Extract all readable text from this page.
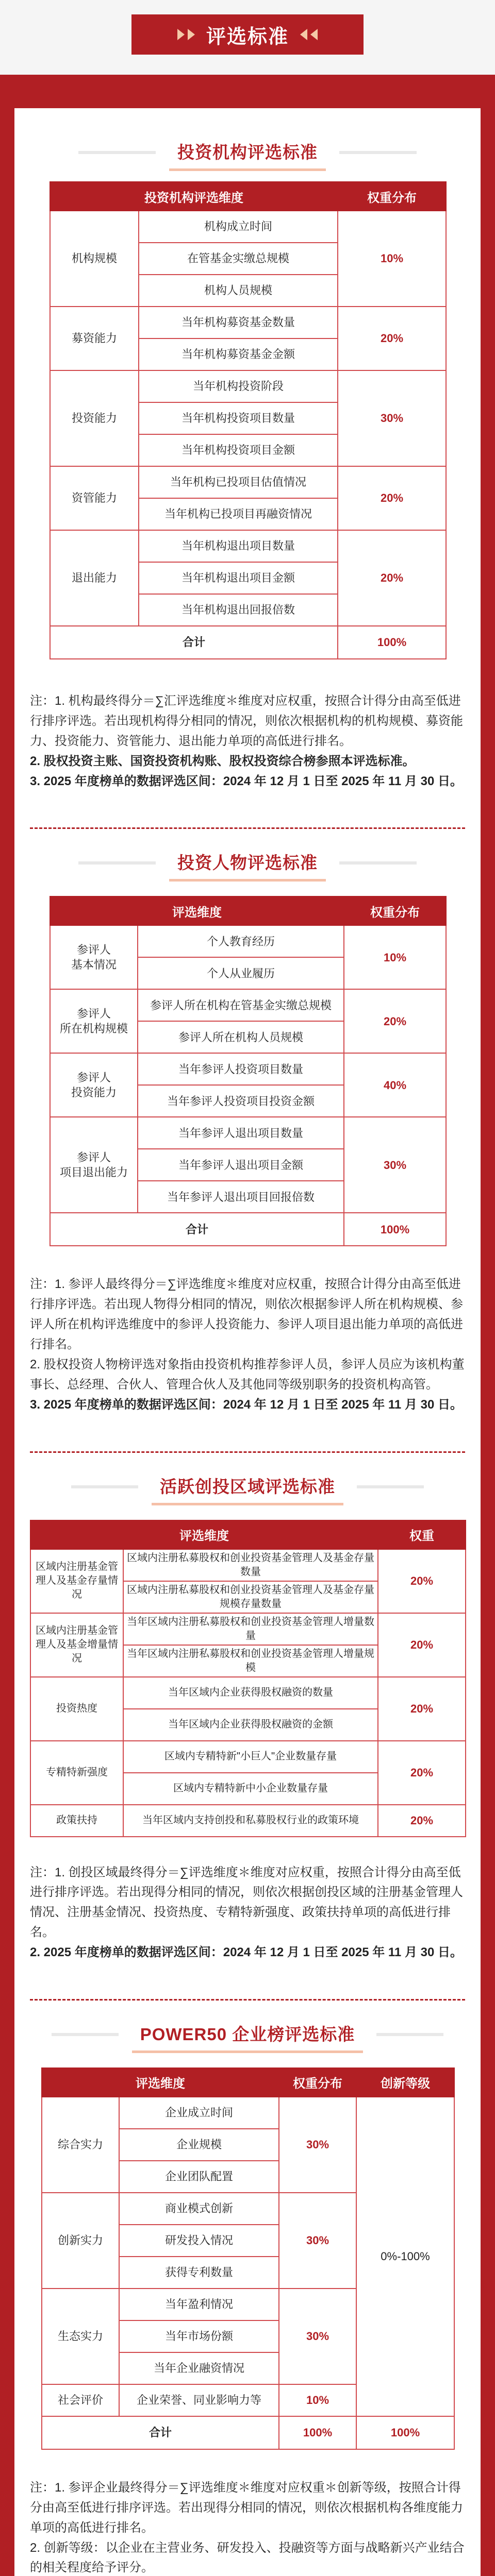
评选标准
投资机构评选标准
投资机构评选维度		权重分布
机构规模	机构成立时间	10%
	在管基金实缴总规模	
	机构人员规模	
募资能力	当年机构募资基金数量	20%
	当年机构募资基金金额	
投资能力	当年机构投资阶段	30%
	当年机构投资项目数量	
	当年机构投资项目金额	
资管能力	当年机构已投项目估值情况	20%
	当年机构已投项目再融资情况	
退出能力	当年机构退出项目数量	20%
	当年机构退出项目金额	
	当年机构退出回报倍数	
合计		100%

注：1. 机构最终得分＝∑汇评选维度＊维度对应权重，按照合计得分由高至低进行排序评选。若出现机构得分相同的情况，则依次根据机构的机构规模、募资能力、投资能力、资管能力、退出能力单项的高低进行排名。

2. 股权投资主账、国资投资机构账、股权投资综合榜参照本评选标准。

3. 2025 年度榜单的数据评选区间：2024 年 12 月 1 日至 2025 年 11 月 30 日。

投资人物评选标准
评选维度		权重分布
参评人
基本情况	个人教育经历	10%
	个人从业履历	
参评人
所在机构规模	参评人所在机构在管基金实缴总规模	20%
	参评人所在机构人员规模	
参评人
投资能力	当年参评人投资项目数量	40%
	当年参评人投资项目投资金额	
参评人
项目退出能力	当年参评人退出项目数量	30%
	当年参评人退出项目金额	
	当年参评人退出项目回报倍数	
合计		100%

注：1. 参评人最终得分＝∑评选维度＊维度对应权重，按照合计得分由高至低进行排序评选。若出现人物得分相同的情况，则依次根据参评人所在机构规模、参评人所在机构评选维度中的参评人投资能力、参评人项目退出能力单项的高低进行排名。

2. 股权投资人物榜评选对象指由投资机构推荐参评人员，参评人员应为该机构董事长、总经理、合伙人、管理合伙人及其他同等级别职务的投资机构高管。

3. 2025 年度榜单的数据评选区间：2024 年 12 月 1 日至 2025 年 11 月 30 日。

活跃创投区域评选标准
评选维度		权重
区域内注册基金管理人及基金存量情况	区域内注册私募股权和创业投资基金管理人及基金存量数量	20%
	区域内注册私募股权和创业投资基金管理人及基金存量规模存量数量	
区域内注册基金管理人及基金增量情况	当年区域内注册私募股权和创业投资基金管理人增量数量	20%
	当年区域内注册私募股权和创业投资基金管理人增量规模	
投资热度	当年区域内企业获得股权融资的数量	20%
	当年区域内企业获得股权融资的金额	
专精特新强度	区域内专精特新"小巨人"企业数量存量	20%
	区域内专精特新中小企业数量存量	
政策扶持	当年区域内支持创投和私募股权行业的政策环境	20%

注：1. 创投区域最终得分＝∑评选维度＊维度对应权重，按照合计得分由高至低进行排序评选。若出现得分相同的情况，则依次根据创投区域的注册基金管理人情况、注册基金情况、投资热度、专精特新强度、政策扶持单项的高低进行排名。

2. 2025 年度榜单的数据评选区间：2024 年 12 月 1 日至 2025 年 11 月 30 日。

POWER50 企业榜评选标准
评选维度		权重分布	创新等级
综合实力	企业成立时间	30%	0%-100%
	企业规模		
	企业团队配置		
创新实力	商业模式创新	30%	
	研发投入情况		
	获得专利数量		
生态实力	当年盈利情况	30%	
	当年市场份额		
	当年企业融资情况		
社会评价	企业荣誉、同业影响力等	10%	
合计		100%	100%

注：1. 参评企业最终得分＝∑评选维度＊维度对应权重＊创新等级，按照合计得分由高至低进行排序评选。若出现得分相同的情况，则依次根据机构各维度能力单项的高低进行排名。

2. 创新等级：以企业在主营业务、研发投入、投融资等方面与战略新兴产业结合的相关程度给予评分。
